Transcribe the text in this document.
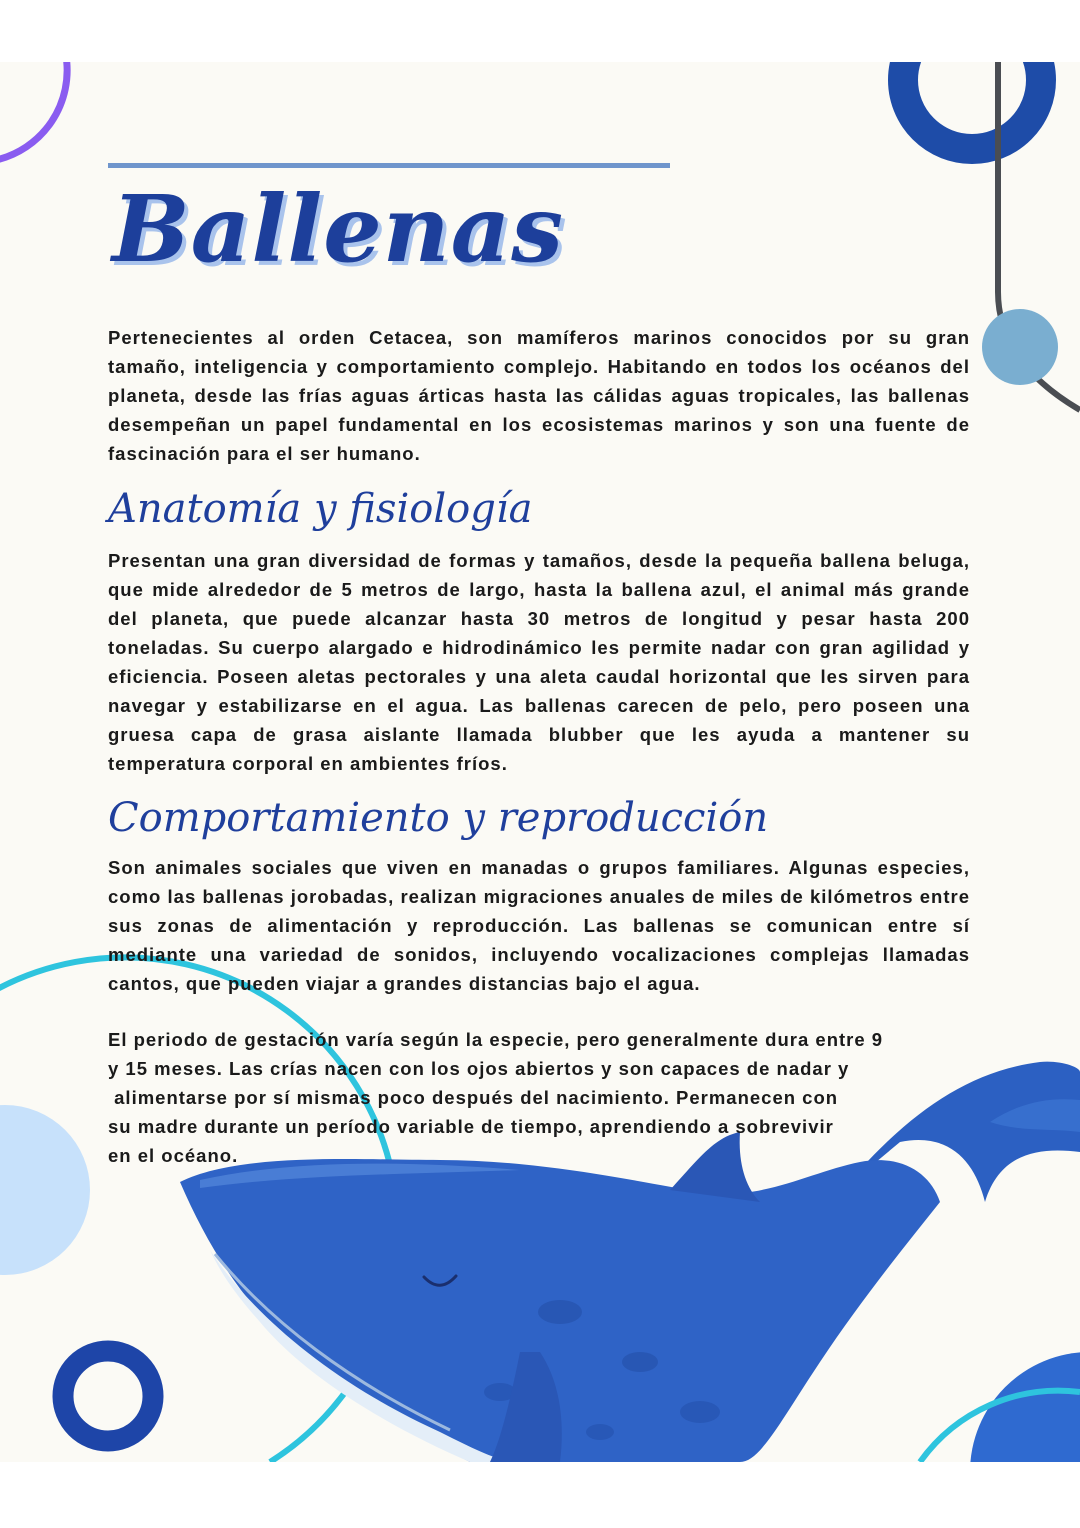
Ballenas

Pertenecientes al orden Cetacea, son mamíferos marinos conocidos por su gran tamaño, inteligencia y comportamiento complejo. Habitando en todos los océanos del planeta, desde las frías aguas árticas hasta las cálidas aguas tropicales, las ballenas desempeñan un papel fundamental en los ecosistemas marinos y son una fuente de fascinación para el ser humano.

Anatomía y fisiología

Presentan una gran diversidad de formas y tamaños, desde la pequeña ballena beluga, que mide alrededor de 5 metros de largo, hasta la ballena azul, el animal más grande del planeta, que puede alcanzar hasta 30 metros de longitud y pesar hasta 200 toneladas. Su cuerpo alargado e hidrodinámico les permite nadar con gran agilidad y eficiencia. Poseen aletas pectorales y una aleta caudal horizontal que les sirven para navegar y estabilizarse en el agua. Las ballenas carecen de pelo, pero poseen una gruesa capa de grasa aislante llamada blubber que les ayuda a mantener su temperatura corporal en ambientes fríos.

Comportamiento y reproducción

Son animales sociales que viven en manadas o grupos familiares. Algunas especies, como las ballenas jorobadas, realizan migraciones anuales de miles de kilómetros entre sus zonas de alimentación y reproducción. Las ballenas se comunican entre sí mediante una variedad de sonidos, incluyendo vocalizaciones complejas llamadas cantos, que pueden viajar a grandes distancias bajo el agua.

El periodo de gestación varía según la especie, pero generalmente dura entre 9
y 15 meses. Las crías nacen con los ojos abiertos y son capaces de nadar y
alimentarse por sí mismas poco después del nacimiento. Permanecen con
su madre durante un período variable de tiempo, aprendiendo a sobrevivir
en el océano.
